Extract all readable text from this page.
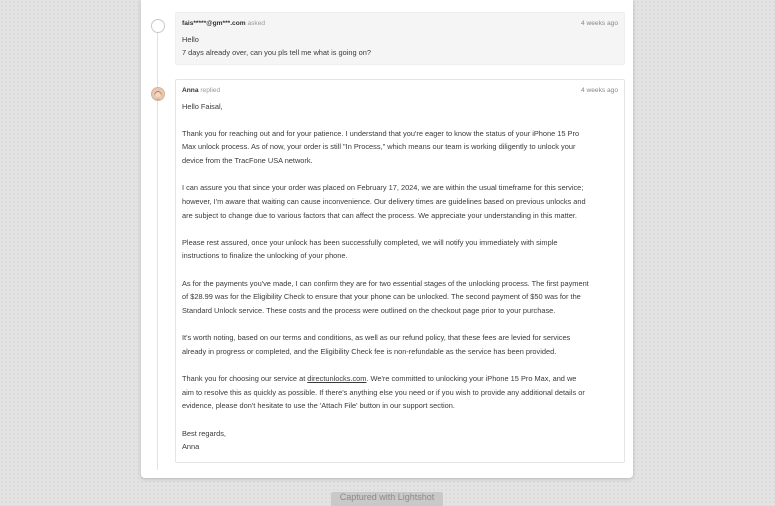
fais*****@gm***.com asked	4 weeks ago
Hello
7 days already over, can you pls tell me what is going on?
Anna replied	4 weeks ago
Hello Faisal,
Thank you for reaching out and for your patience. I understand that you're eager to know the status of your iPhone 15 Pro
Max unlock process. As of now, your order is still "In Process," which means our team is working diligently to unlock your
device from the TracFone USA network.
I can assure you that since your order was placed on February 17, 2024, we are within the usual timeframe for this service;
however, I'm aware that waiting can cause inconvenience. Our delivery times are guidelines based on previous unlocks and
are subject to change due to various factors that can affect the process. We appreciate your understanding in this matter.
Please rest assured, once your unlock has been successfully completed, we will notify you immediately with simple
instructions to finalize the unlocking of your phone.
As for the payments you've made, I can confirm they are for two essential stages of the unlocking process. The first payment
of $28.99 was for the Eligibility Check to ensure that your phone can be unlocked. The second payment of $50 was for the
Standard Unlock service. These costs and the process were outlined on the checkout page prior to your purchase.
It's worth noting, based on our terms and conditions, as well as our refund policy, that these fees are levied for services
already in progress or completed, and the Eligibility Check fee is non-refundable as the service has been provided.
Thank you for choosing our service at directunlocks.com. We're committed to unlocking your iPhone 15 Pro Max, and we
aim to resolve this as quickly as possible. If there's anything else you need or if you wish to provide any additional details or
evidence, please don't hesitate to use the 'Attach File' button in our support section.
Best regards,
Anna
Captured with Lightshot
